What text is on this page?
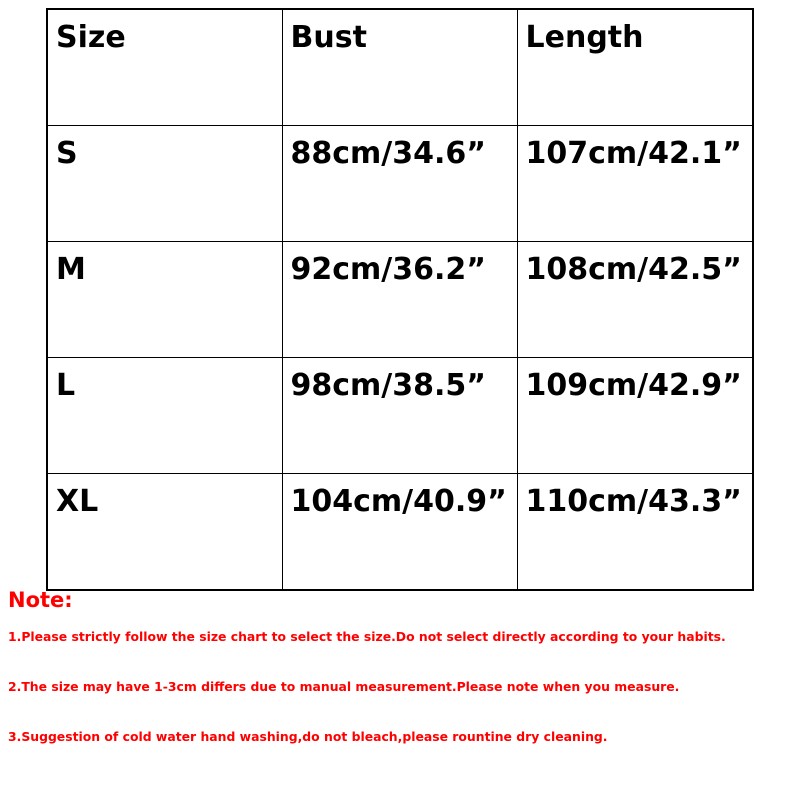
Size	Bust	Length
S	88cm/34.6”	107cm/42.1”
M	92cm/36.2”	108cm/42.5”
L	98cm/38.5”	109cm/42.9”
XL	104cm/40.9”	110cm/43.3”
Note:
1.Please strictly follow the size chart to select the size.Do not select directly according to your habits.
2.The size may have 1-3cm differs due to manual measurement.Please note when you measure.
3.Suggestion of cold water hand washing,do not bleach,please rountine dry cleaning.
